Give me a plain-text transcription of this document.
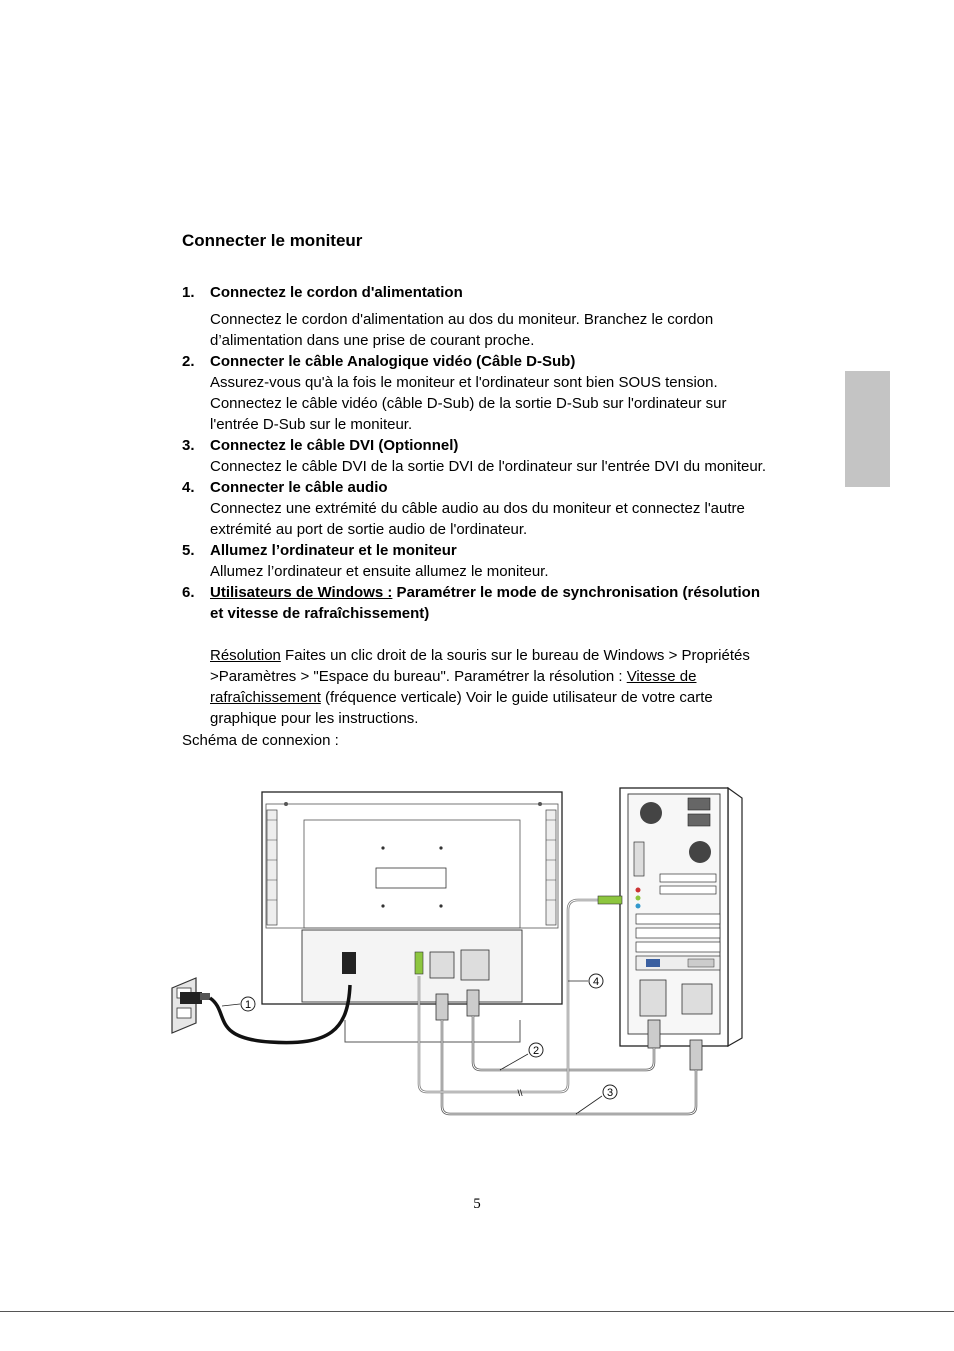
Connecter le moniteur
1. Connectez le cordon d'alimentation
Connectez le cordon d'alimentation au dos du moniteur. Branchez le cordon d’alimentation dans une prise de courant proche.
2. Connecter le câble Analogique vidéo (Câble D-Sub)
Assurez-vous qu'à la fois le moniteur et l'ordinateur sont bien SOUS tension. Connectez le câble vidéo (câble D-Sub) de la sortie D-Sub sur l'ordinateur sur l'entrée D-Sub sur le moniteur.
3. Connectez le câble DVI (Optionnel)
Connectez le câble DVI de la sortie DVI de l'ordinateur sur l'entrée DVI du moniteur.
4. Connecter le câble audio
Connectez une extrémité du câble audio au dos du moniteur et connectez l'autre extrémité au port de sortie audio de l'ordinateur.
5. Allumez l’ordinateur et le moniteur
Allumez l’ordinateur et ensuite allumez le moniteur.
6. Utilisateurs de Windows : Paramétrer le mode de synchronisation (résolution et vitesse de rafraîchissement)
Résolution Faites un clic droit de la souris sur le bureau de Windows > Propriétés >Paramètres > "Espace du bureau". Paramétrer la résolution : Vitesse de rafraîchissement (fréquence verticale) Voir le guide utilisateur de votre carte graphique pour les instructions.
Schéma de connexion :
1
2
3
4
\\
5
